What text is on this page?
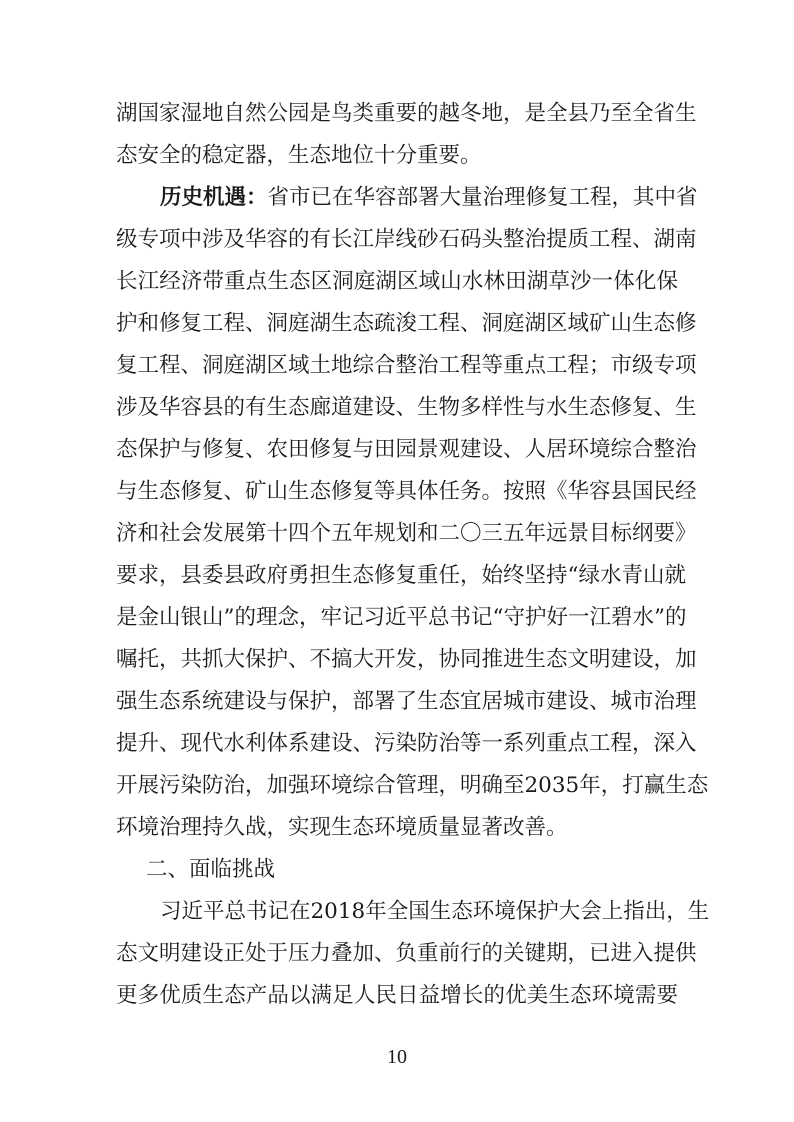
湖国家湿地自然公园是鸟类重要的越冬地，是全县乃至全省生
态安全的稳定器，生态地位十分重要。
历史机遇：省市已在华容部署大量治理修复工程，其中省
级专项中涉及华容的有长江岸线砂石码头整治提质工程、湖南
长江经济带重点生态区洞庭湖区域山水林田湖草沙一体化保
护和修复工程、洞庭湖生态疏浚工程、洞庭湖区域矿山生态修
复工程、洞庭湖区域土地综合整治工程等重点工程；市级专项
涉及华容县的有生态廊道建设、生物多样性与水生态修复、生
态保护与修复、农田修复与田园景观建设、人居环境综合整治
与生态修复、矿山生态修复等具体任务。按照《华容县国民经
济和社会发展第十四个五年规划和二〇三五年远景目标纲要》
要求，县委县政府勇担生态修复重任，始终坚持“绿水青山就
是金山银山”的理念，牢记习近平总书记“守护好一江碧水”的
嘱托，共抓大保护、不搞大开发，协同推进生态文明建设，加
强生态系统建设与保护，部署了生态宜居城市建设、城市治理
提升、现代水利体系建设、污染防治等一系列重点工程，深入
开展污染防治，加强环境综合管理，明确至2035年，打赢生态
环境治理持久战，实现生态环境质量显著改善。
二、面临挑战
习近平总书记在2018年全国生态环境保护大会上指出，生
态文明建设正处于压力叠加、负重前行的关键期，已进入提供
更多优质生态产品以满足人民日益增长的优美生态环境需要
10
